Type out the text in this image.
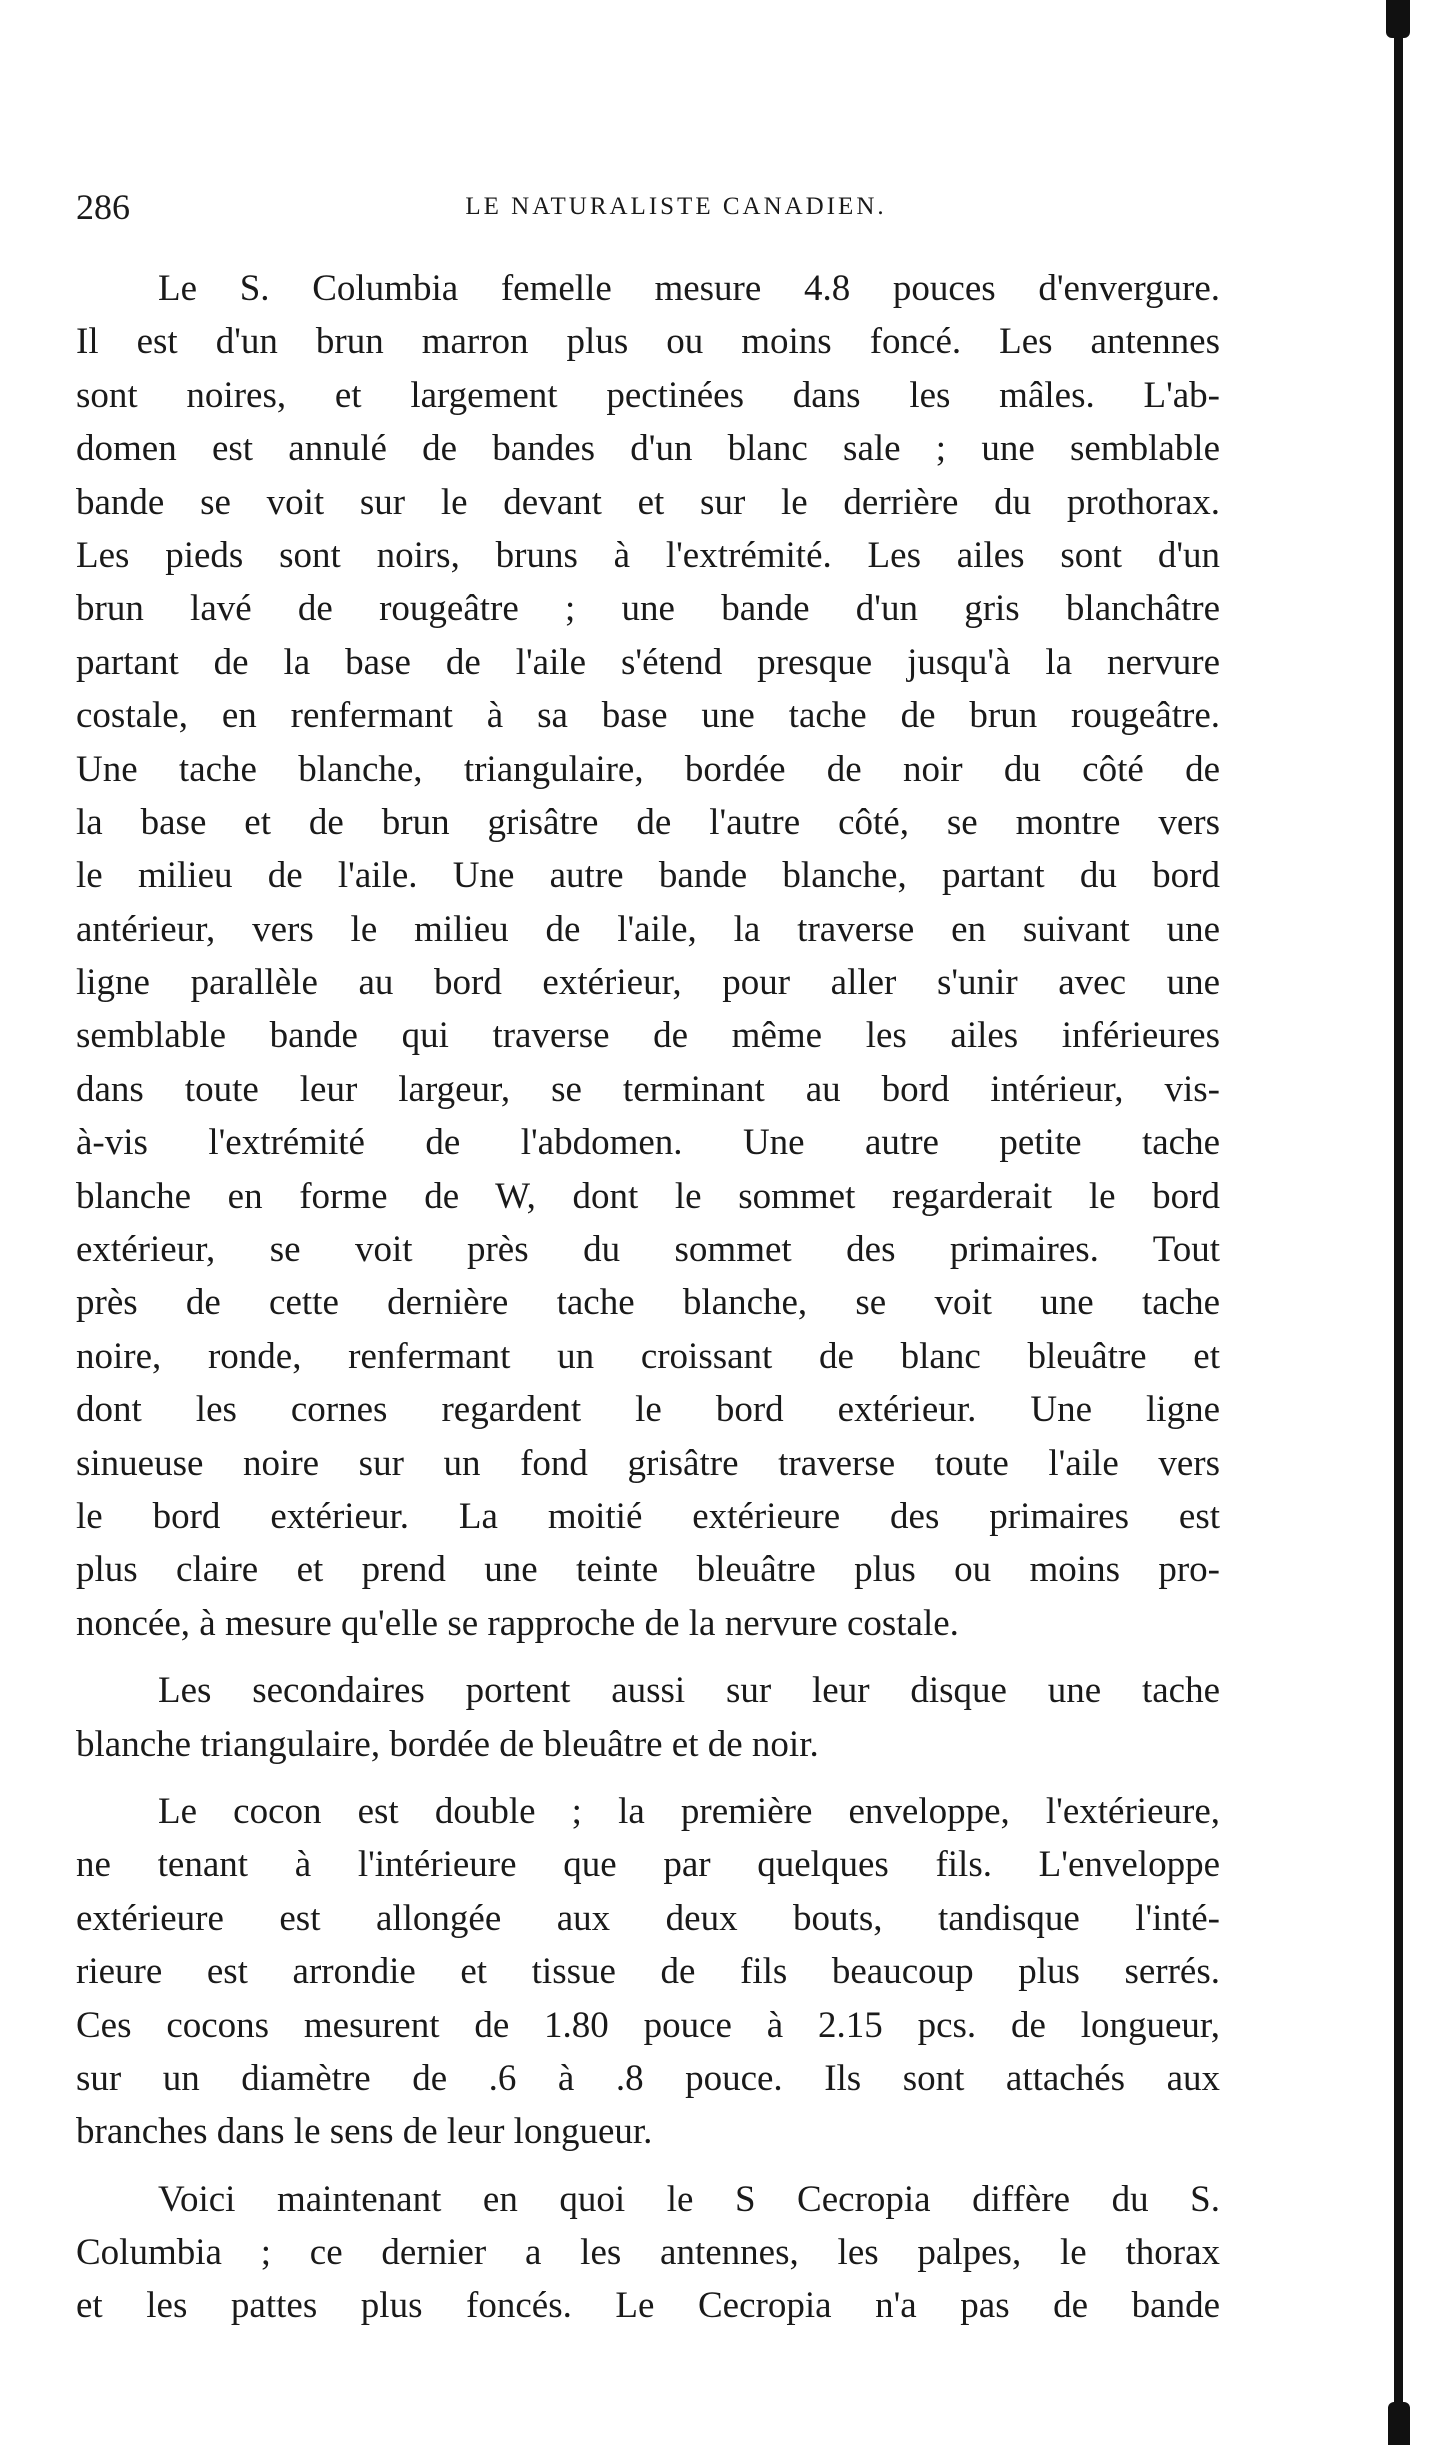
286	LE NATURALISTE CANADIEN.
Le S. Columbia femelle mesure 4.8 pouces d'envergure.
Il est d'un brun marron plus ou moins foncé. Les antennes
sont noires, et largement pectinées dans les mâles. L'ab-
domen est annulé de bandes d'un blanc sale ; une semblable
bande se voit sur le devant et sur le derrière du prothorax.
Les pieds sont noirs, bruns à l'extrémité. Les ailes sont d'un
brun lavé de rougeâtre ; une bande d'un gris blanchâtre
partant de la base de l'aile s'étend presque jusqu'à la nervure
costale, en renfermant à sa base une tache de brun rougeâtre.
Une tache blanche, triangulaire, bordée de noir du côté de
la base et de brun grisâtre de l'autre côté, se montre vers
le milieu de l'aile. Une autre bande blanche, partant du bord
antérieur, vers le milieu de l'aile, la traverse en suivant une
ligne parallèle au bord extérieur, pour aller s'unir avec une
semblable bande qui traverse de même les ailes inférieures
dans toute leur largeur, se terminant au bord intérieur, vis-
à-vis l'extrémité de l'abdomen. Une autre petite tache
blanche en forme de W, dont le sommet regarderait le bord
extérieur, se voit près du sommet des primaires. Tout
près de cette dernière tache blanche, se voit une tache
noire, ronde, renfermant un croissant de blanc bleuâtre et
dont les cornes regardent le bord extérieur. Une ligne
sinueuse noire sur un fond grisâtre traverse toute l'aile vers
le bord extérieur. La moitié extérieure des primaires est
plus claire et prend une teinte bleuâtre plus ou moins pro-
noncée, à mesure qu'elle se rapproche de la nervure costale.
Les secondaires portent aussi sur leur disque une tache
blanche triangulaire, bordée de bleuâtre et de noir.
Le cocon est double ; la première enveloppe, l'extérieure,
ne tenant à l'intérieure que par quelques fils. L'enveloppe
extérieure est allongée aux deux bouts, tandisque l'inté-
rieure est arrondie et tissue de fils beaucoup plus serrés.
Ces cocons mesurent de 1.80 pouce à 2.15 pcs. de longueur,
sur un diamètre de .6 à .8 pouce. Ils sont attachés aux
branches dans le sens de leur longueur.
Voici maintenant en quoi le S Cecropia diffère du S.
Columbia ; ce dernier a les antennes, les palpes, le thorax
et les pattes plus foncés. Le Cecropia n'a pas de bande
